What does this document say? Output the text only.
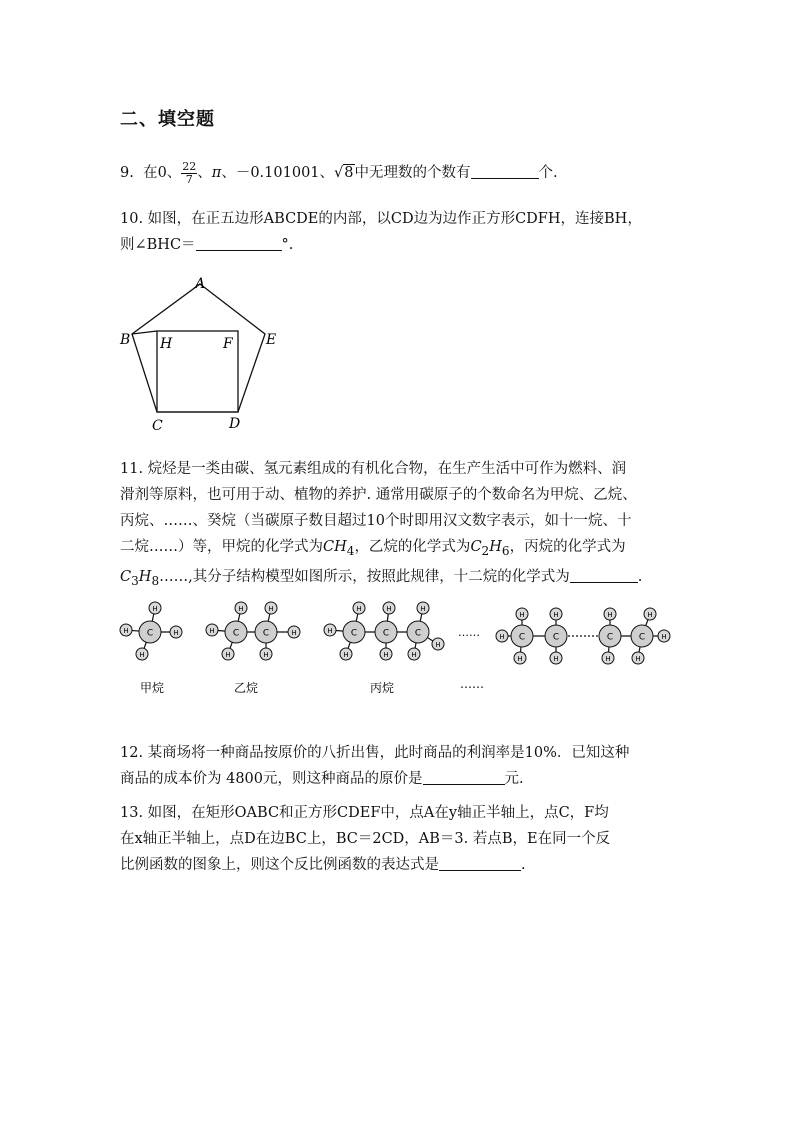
二、填空题
9. 在0、 $\frac{22}{7}$ 、π、－0.101001、√8中无理数的个数有	个.
10. 如图，在正五边形ABCDE的内部，以CD边为边作正方形CDFH，连接BH，
则∠BHC＝	°.
A
B H	F E
C	D
11. 烷烃是一类由碳、氢元素组成的有机化合物，在生产生活中可作为燃料、润
滑剂等原料，也可用于动、植物的养护. 通常用碳原子的个数命名为甲烷、乙烷、
丙烷、……、癸烷（当碳原子数目超过10个时即用汉文数字表示，如十一烷、十
二烷……）等，甲烷的化学式为$CH_4$，乙烷的化学式为$C_2H_6$，丙烷的化学式为
$C_3H_8\dots\dots$,其分子结构模型如图所示，按照此规律，十二烷的化学式为	.
C
H
H	H
H
C	C
H
H
H
H
H
H
C
H
H
H
C
H
H
C
H
H
H
……	C
H
H
H
C
H
H
C
H
H
C
H
H
H
甲烷	乙烷	丙烷	……
12. 某商场将一种商品按原价的八折出售，此时商品的利润率是10%．已知这种
商品的成本价为 4800元，则这种商品的原价是	元.
13. 如图，在矩形OABC和正方形CDEF中，点A在y轴正半轴上，点C，F均
在x轴正半轴上，点D在边BC上，BC＝2CD，AB＝3. 若点B，E在同一个反
比例函数的图象上，则这个反比例函数的表达式是	.
